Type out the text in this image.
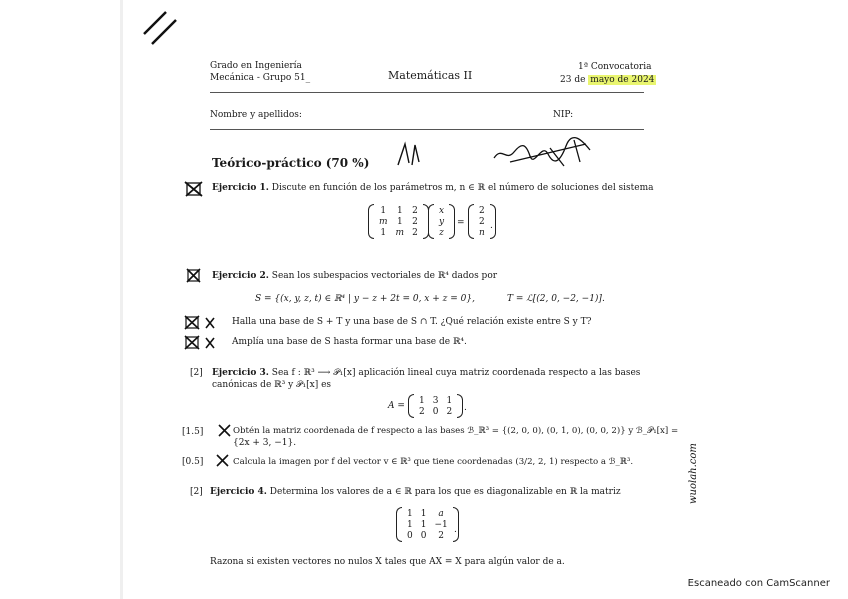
Grado en Ingeniería
Mecánica - Grupo 51_	Matemáticas II
1ª Convocatoria
23 de mayo de 2024
Nombre y apellidos:	NIP:
Teórico-práctico (70 %)
Ejercicio 1. Discute en función de los parámetros m, n ∈ ℝ el número de soluciones del sistema
1	1	2
m	1	2
1	m	2
x
y
z
=
2
2
n
.
Ejercicio 2. Sean los subespacios vectoriales de ℝ⁴ dados por
S = {(x, y, z, t) ∈ ℝ⁴ | y − z + 2t = 0, x + z = 0},	T = ℒ[(2, 0, −2, −1)].
Halla una base de S + T y una base de S ∩ T. ¿Qué relación existe entre S y T?
Amplía una base de S hasta formar una base de ℝ⁴.
[2] Ejercicio 3. Sea f : ℝ³ ⟶ 𝒫₁[x] aplicación lineal cuya matriz coordenada respecto a las bases
canónicas de ℝ³ y 𝒫₁[x] es
A =
1	3	1
2	0	2 .
[1.5]	Obtén la matriz coordenada de f respecto a las bases ℬ_ℝ³ = {(2, 0, 0), (0, 1, 0), (0, 0, 2)} y ℬ_𝒫₁[x] =
{2x + 3, −1}.
[0.5]	Calcula la imagen por f del vector v ∈ ℝ³ que tiene coordenadas (3/2, 2, 1) respecto a ℬ_ℝ³.
[2] Ejercicio 4. Determina los valores de a ∈ ℝ para los que es diagonalizable en ℝ la matriz
1	1	a
1	1	−1
0	0	2
.
Razona si existen vectores no nulos X tales que AX = X para algún valor de a.
wuolah.com
Escaneado con CamScanner
